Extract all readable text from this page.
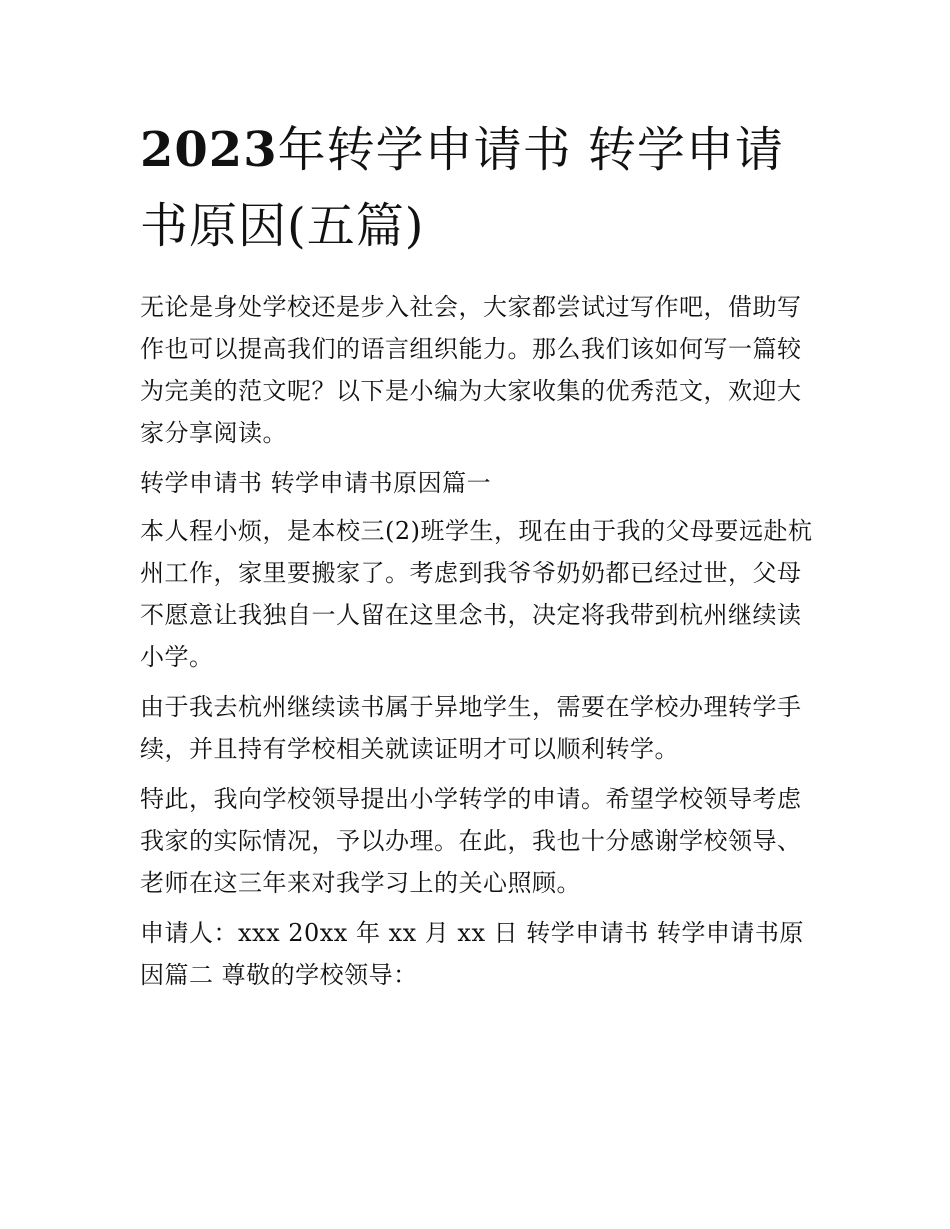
2023年转学申请书 转学申请书原因(五篇)

无论是身处学校还是步入社会，大家都尝试过写作吧，借助写作也可以提高我们的语言组织能力。那么我们该如何写一篇较为完美的范文呢？以下是小编为大家收集的优秀范文，欢迎大家分享阅读。

转学申请书 转学申请书原因篇一

本人程小烦，是本校三(2)班学生，现在由于我的父母要远赴杭州工作，家里要搬家了。考虑到我爷爷奶奶都已经过世，父母不愿意让我独自一人留在这里念书，决定将我带到杭州继续读小学。

由于我去杭州继续读书属于异地学生，需要在学校办理转学手续，并且持有学校相关就读证明才可以顺利转学。

特此，我向学校领导提出小学转学的申请。希望学校领导考虑我家的实际情况，予以办理。在此，我也十分感谢学校领导、老师在这三年来对我学习上的关心照顾。

申请人：xxx 20xx 年 xx 月 xx 日 转学申请书 转学申请书原因篇二 尊敬的学校领导：
